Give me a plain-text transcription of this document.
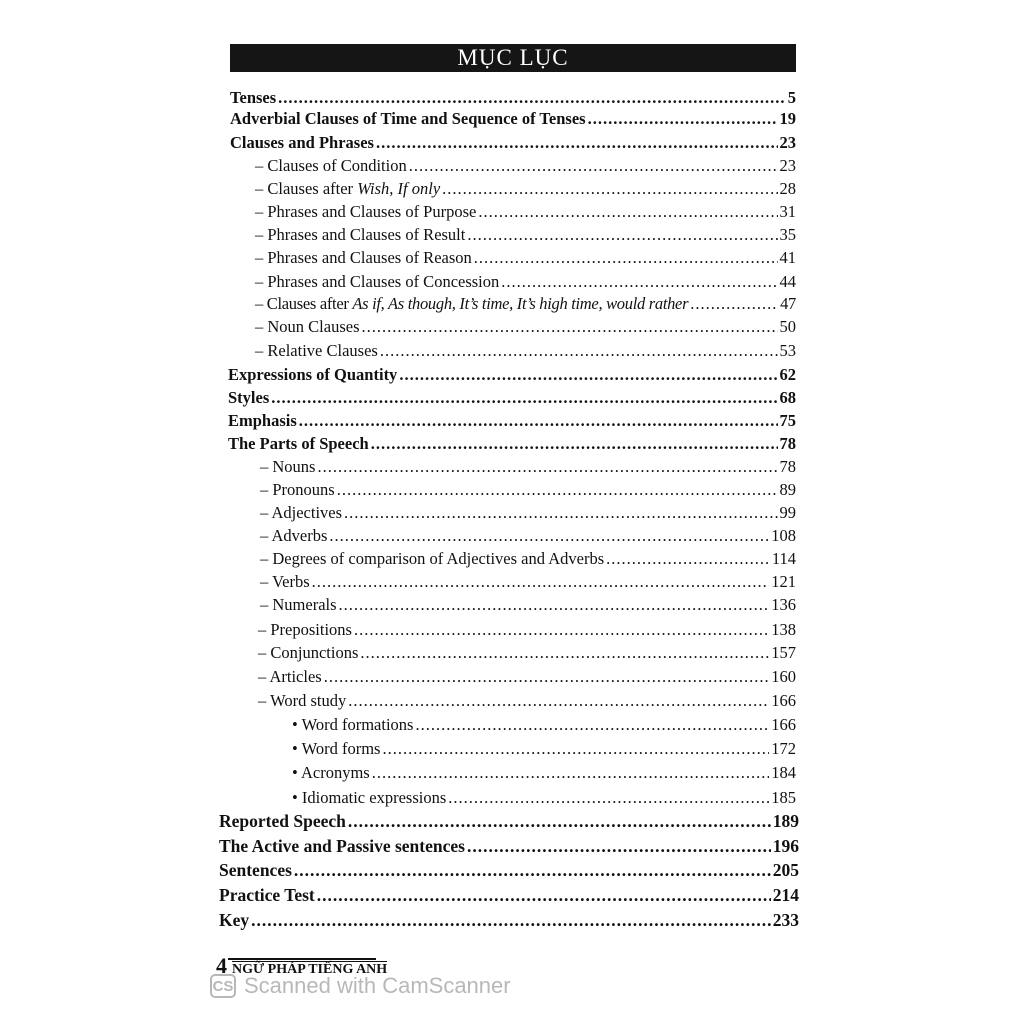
MỤC LỤC
Tenses .....	5
Adverbial Clauses of Time and Sequence of Tenses .....	19
Clauses and Phrases .....	23
– Clauses of Condition .....	23
– Clauses after Wish, If only .....	28
– Phrases and Clauses of Purpose .....	31
– Phrases and Clauses of Result .....	35
– Phrases and Clauses of Reason .....	41
– Phrases and Clauses of Concession .....	44
– Clauses after As if, As though, It’s time, It’s high time, would rather .....	47
– Noun Clauses .....	50
– Relative Clauses .....	53
Expressions of Quantity .....	62
Styles .....	68
Emphasis .....	75
The Parts of Speech .....	78
– Nouns .....	78
– Pronouns .....	89
– Adjectives .....	99
– Adverbs .....	108
– Degrees of comparison of Adjectives and Adverbs .....	114
– Verbs .....	121
– Numerals .....	136
– Prepositions .....	138
– Conjunctions .....	157
– Articles .....	160
– Word study .....	166
• Word formations .....	166
• Word forms .....	172
• Acronyms .....	184
• Idiomatic expressions .....	185
Reported Speech .....	189
The Active and Passive sentences .....	196
Sentences .....	205
Practice Test .....	214
Key .....	233
4 NGỮ PHÁP TIẾNG ANH
CS Scanned with CamScanner
